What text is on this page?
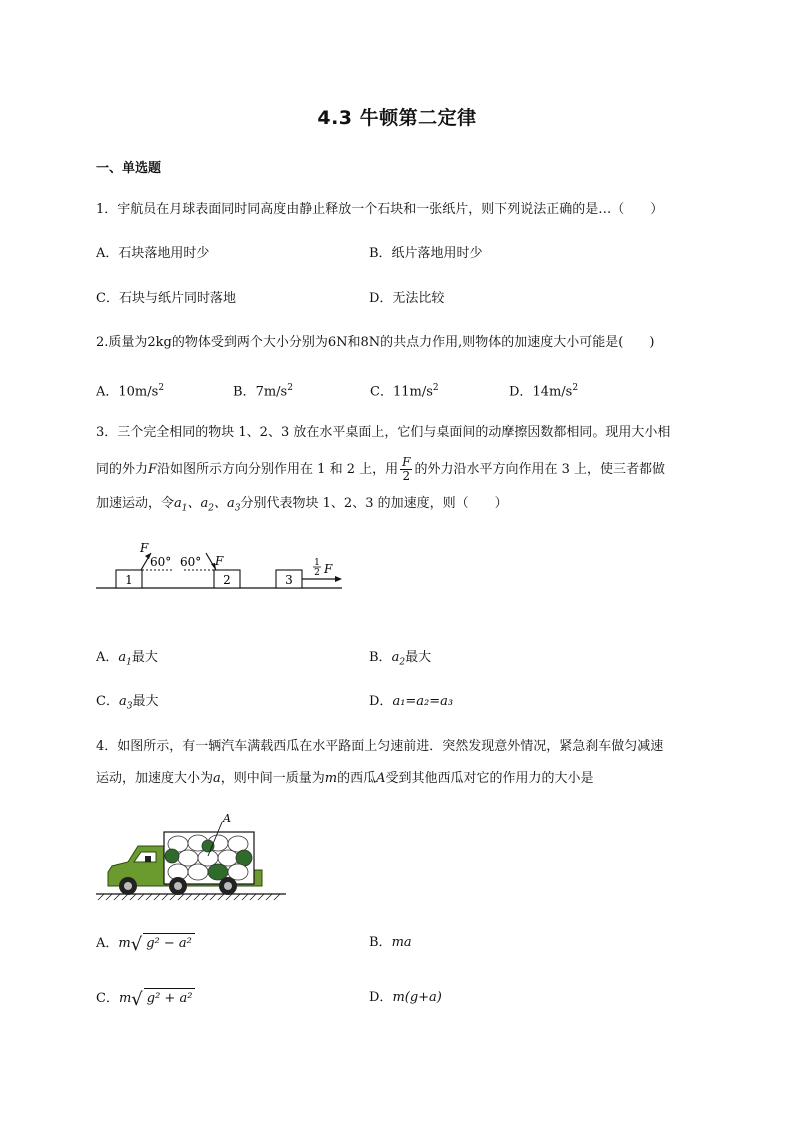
4.3 牛顿第二定律
一、单选题
1．宇航员在月球表面同时同高度由静止释放一个石块和一张纸片，则下列说法正确的是…（　　）
A．石块落地用时少	B．纸片落地用时少
C．石块与纸片同时落地	D．无法比较
2.质量为2kg的物体受到两个大小分别为6N和8N的共点力作用,则物体的加速度大小可能是(　　)
A．$10m/s^2$	B．$7m/s^2$	C．$11m/s^2$	D．$14m/s^2$
3．三个完全相同的物块 1、2、3 放在水平桌面上，它们与桌面间的动摩擦因数都相同。现用大小相
同的外力F沿如图所示方向分别作用在 1 和 2 上，用 $\frac{F}{2}$ 的外力沿水平方向作用在 3 上，使三者都做
加速运动，令$a_1$、$a_2$、$a_3$分别代表物块 1、2、3 的加速度，则（　　）
1
F
60°
2
60° F
3
1
2 F
A．$a_1$最大	B．$a_2$最大
C．$a_3$最大	D．a₁=a₂=a₃
4．如图所示，有一辆汽车满载西瓜在水平路面上匀速前进．突然发现意外情况，紧急刹车做匀减速
运动，加速度大小为a，则中间一质量为m的西瓜A受到其他西瓜对它的作用力的大小是
A
A．m√ g² − a²	B．ma
C．m√ g² + a²	D．m(g+a)
